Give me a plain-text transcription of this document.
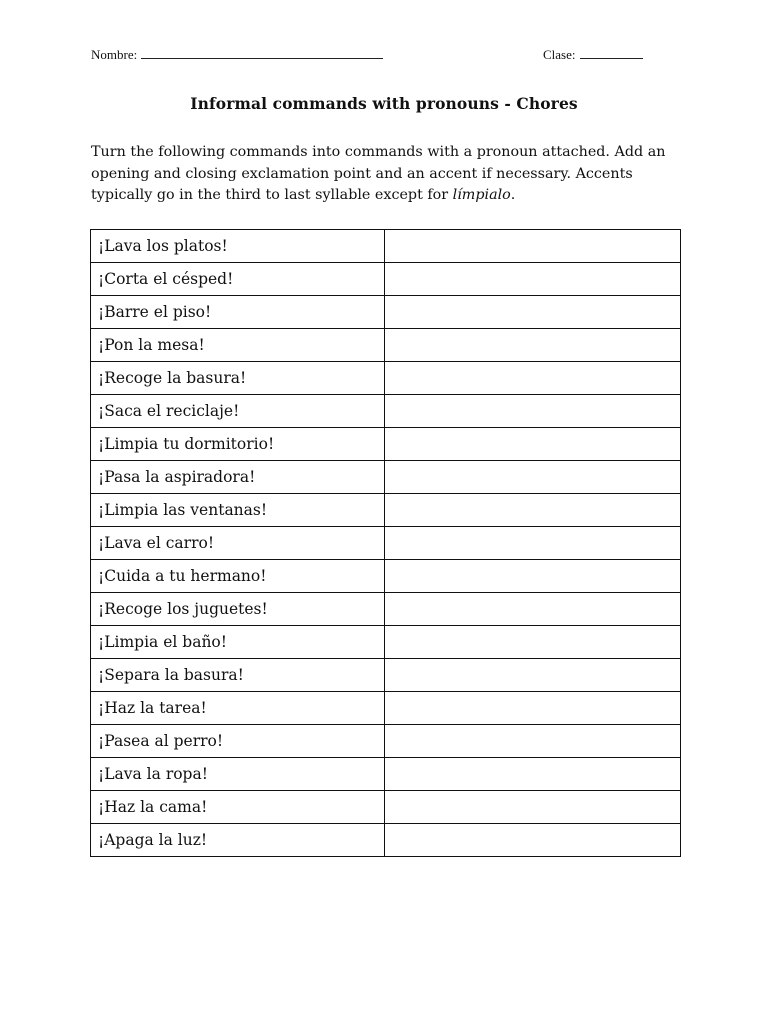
Nombre:	Clase:
Informal commands with pronouns - Chores
Turn the following commands into commands with a pronoun attached. Add an opening and closing exclamation point and an accent if necessary. Accents typically go in the third to last syllable except for límpialo.
¡Lava los platos!	
¡Corta el césped!	
¡Barre el piso!	
¡Pon la mesa!	
¡Recoge la basura!	
¡Saca el reciclaje!	
¡Limpia tu dormitorio!	
¡Pasa la aspiradora!	
¡Limpia las ventanas!	
¡Lava el carro!	
¡Cuida a tu hermano!	
¡Recoge los juguetes!	
¡Limpia el baño!	
¡Separa la basura!	
¡Haz la tarea!	
¡Pasea al perro!	
¡Lava la ropa!	
¡Haz la cama!	
¡Apaga la luz!	
